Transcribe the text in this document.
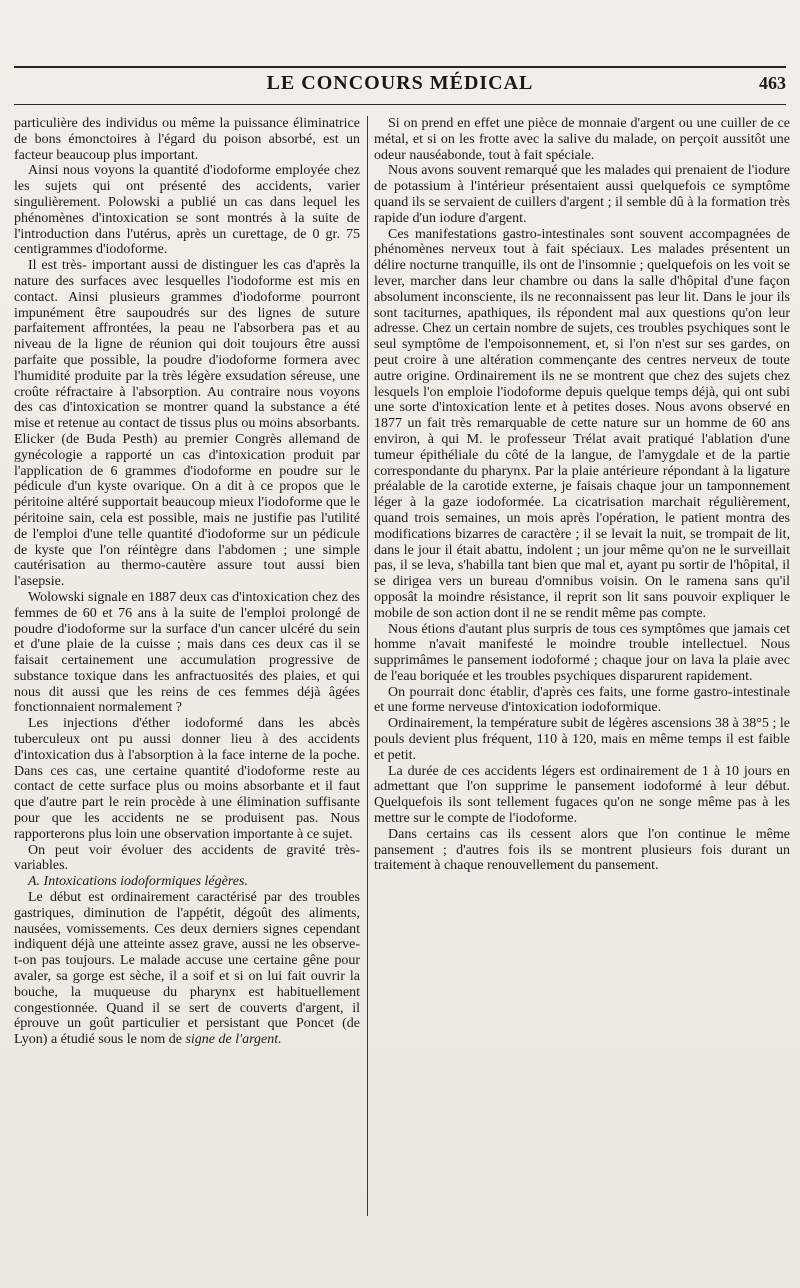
LE CONCOURS MÉDICAL	463

particulière des individus ou même la puissance éliminatrice de bons émonctoires à l'égard du poison absorbé, est un facteur beaucoup plus important.

Ainsi nous voyons la quantité d'iodoforme employée chez les sujets qui ont présenté des accidents, varier singulièrement. Polowski a publié un cas dans lequel les phénomènes d'intoxication se sont montrés à la suite de l'introduction dans l'utérus, après un curettage, de 0 gr. 75 centigrammes d'iodoforme.

Il est très- important aussi de distinguer les cas d'après la nature des surfaces avec lesquelles l'iodoforme est mis en contact. Ainsi plusieurs grammes d'iodoforme pourront impunément être saupoudrés sur des lignes de suture parfaitement affrontées, la peau ne l'absorbera pas et au niveau de la ligne de réunion qui doit toujours être aussi parfaite que possible, la poudre d'iodoforme formera avec l'humidité produite par la très légère exsudation séreuse, une croûte réfractaire à l'absorption. Au contraire nous voyons des cas d'intoxication se montrer quand la substance a été mise et retenue au contact de tissus plus ou moins absorbants. Elicker (de Buda Pesth) au premier Congrès allemand de gynécologie a rapporté un cas d'intoxication produit par l'application de 6 grammes d'iodoforme en poudre sur le pédicule d'un kyste ovarique. On a dit à ce propos que le péritoine altéré supportait beaucoup mieux l'iodoforme que le péritoine sain, cela est possible, mais ne justifie pas l'utilité de l'emploi d'une telle quantité d'iodoforme sur un pédicule de kyste que l'on réintègre dans l'abdomen ; une simple cautérisation au thermo-cautère assure tout aussi bien l'asepsie.

Wolowski signale en 1887 deux cas d'intoxication chez des femmes de 60 et 76 ans à la suite de l'emploi prolongé de poudre d'iodoforme sur la surface d'un cancer ulcéré du sein et d'une plaie de la cuisse ; mais dans ces deux cas il se faisait certainement une accumulation progressive de substance toxique dans les anfractuosités des plaies, et qui nous dit aussi que les reins de ces femmes déjà âgées fonctionnaient normalement ?

Les injections d'éther iodoformé dans les abcès tuberculeux ont pu aussi donner lieu à des accidents d'intoxication dus à l'absorption à la face interne de la poche. Dans ces cas, une certaine quantité d'iodoforme reste au contact de cette surface plus ou moins absorbante et il faut que d'autre part le rein procède à une élimination suffisante pour que les accidents ne se produisent pas. Nous rapporterons plus loin une observation importante à ce sujet.

On peut voir évoluer des accidents de gravité très-variables.

A. Intoxications iodoformiques légères.

Le début est ordinairement caractérisé par des troubles gastriques, diminution de l'appétit, dégoût des aliments, nausées, vomissements. Ces deux derniers signes cependant indiquent déjà une atteinte assez grave, aussi ne les observe-t-on pas toujours. Le malade accuse une certaine gêne pour avaler, sa gorge est sèche, il a soif et si on lui fait ouvrir la bouche, la muqueuse du pharynx est habituellement congestionnée. Quand il se sert de couverts d'argent, il éprouve un goût particulier et persistant que Poncet (de Lyon) a étudié sous le nom de signe de l'argent.

Si on prend en effet une pièce de monnaie d'argent ou une cuiller de ce métal, et si on les frotte avec la salive du malade, on perçoit aussitôt une odeur nauséabonde, tout à fait spéciale.

Nous avons souvent remarqué que les malades qui prenaient de l'iodure de potassium à l'intérieur présentaient aussi quelquefois ce symptôme quand ils se servaient de cuillers d'argent ; il semble dû à la formation très rapide d'un iodure d'argent.

Ces manifestations gastro-intestinales sont souvent accompagnées de phénomènes nerveux tout à fait spéciaux. Les malades présentent un délire nocturne tranquille, ils ont de l'insomnie ; quelquefois on les voit se lever, marcher dans leur chambre ou dans la salle d'hôpital d'une façon absolument inconsciente, ils ne reconnaissent pas leur lit. Dans le jour ils sont taciturnes, apathiques, ils répondent mal aux questions qu'on leur adresse. Chez un certain nombre de sujets, ces troubles psychiques sont le seul symptôme de l'empoisonnement, et, si l'on n'est sur ses gardes, on peut croire à une altération commençante des centres nerveux de toute autre origine. Ordinairement ils ne se montrent que chez des sujets chez lesquels l'on emploie l'iodoforme depuis quelque temps déjà, qui ont subi une sorte d'intoxication lente et à petites doses. Nous avons observé en 1877 un fait très remarquable de cette nature sur un homme de 60 ans environ, à qui M. le professeur Trélat avait pratiqué l'ablation d'une tumeur épithéliale du côté de la langue, de l'amygdale et de la partie correspondante du pharynx. Par la plaie antérieure répondant à la ligature préalable de la carotide externe, je faisais chaque jour un tamponnement léger à la gaze iodoformée. La cicatrisation marchait régulièrement, quand trois semaines, un mois après l'opération, le patient montra des modifications bizarres de caractère ; il se levait la nuit, se trompait de lit, dans le jour il était abattu, indolent ; un jour même qu'on ne le surveillait pas, il se leva, s'habilla tant bien que mal et, ayant pu sortir de l'hôpital, il se dirigea vers un bureau d'omnibus voisin. On le ramena sans qu'il opposât la moindre résistance, il reprit son lit sans pouvoir expliquer le mobile de son action dont il ne se rendit même pas compte.

Nous étions d'autant plus surpris de tous ces symptômes que jamais cet homme n'avait manifesté le moindre trouble intellectuel. Nous supprimâmes le pansement iodoformé ; chaque jour on lava la plaie avec de l'eau boriquée et les troubles psychiques disparurent rapidement.

On pourrait donc établir, d'après ces faits, une forme gastro-intestinale et une forme nerveuse d'intoxication iodoformique.

Ordinairement, la température subit de légères ascensions 38 à 38°5 ; le pouls devient plus fréquent, 110 à 120, mais en même temps il est faible et petit.

La durée de ces accidents légers est ordinairement de 1 à 10 jours en admettant que l'on supprime le pansement iodoformé à leur début. Quelquefois ils sont tellement fugaces qu'on ne songe même pas à les mettre sur le compte de l'iodoforme.

Dans certains cas ils cessent alors que l'on continue le même pansement ; d'autres fois ils se montrent plusieurs fois durant un traitement à chaque renouvellement du pansement.
